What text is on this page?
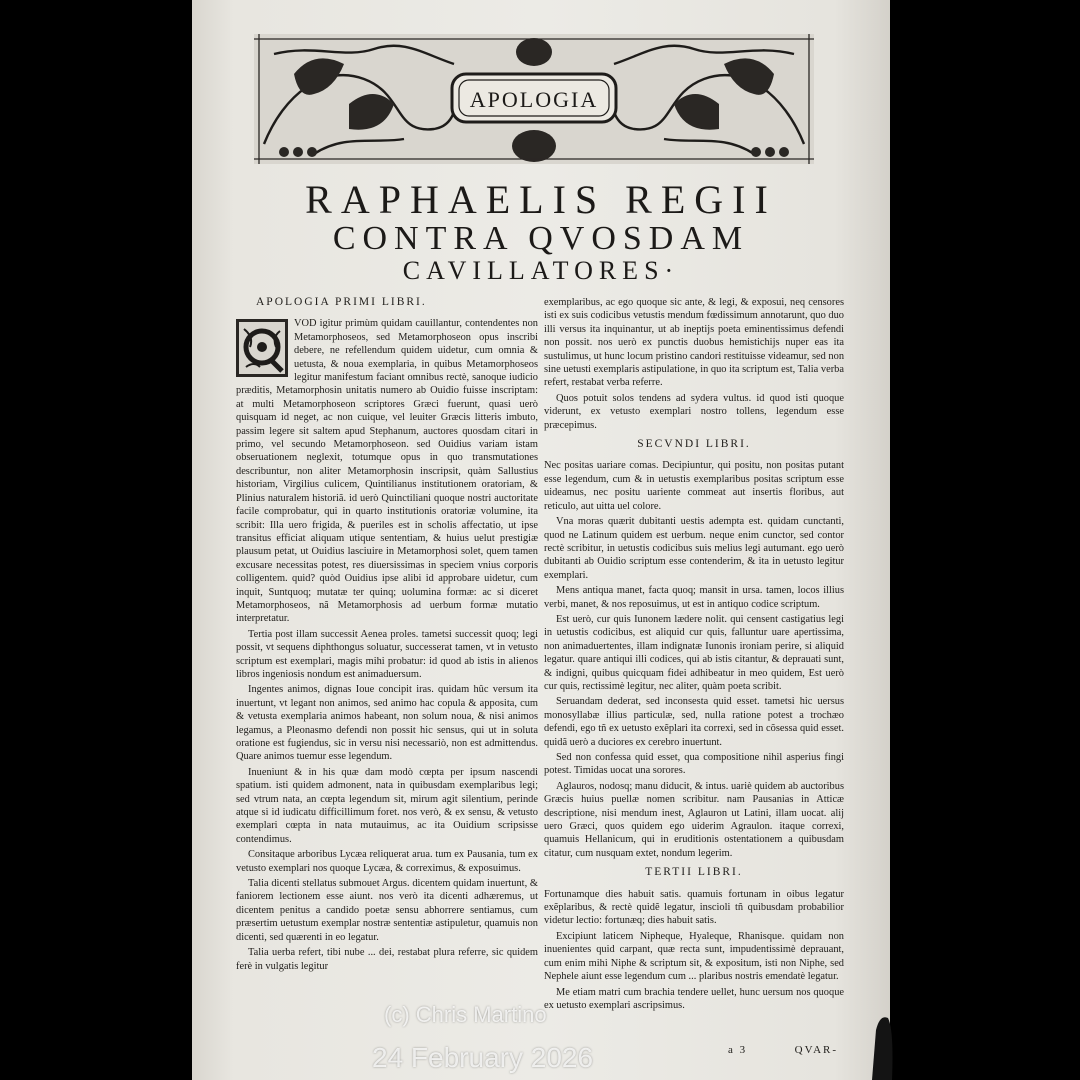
APOLOGIA
RAPHAELIS REGII
CONTRA QVOSDAM
CAVILLATORES·
APOLOGIA PRIMI LIBRI.

VOD igitur primùm quidam cauillantur, contendentes non Metamorphoseos, sed Metamorphoseon opus inscribi debere, ne refellendum quidem uidetur, cum omnia & uetusta, & noua exemplaria, in quibus Metamorphoseos legitur manifestum faciant omnibus rectè, sanoque iudicio præditis, Metamorphosin unitatis numero ab Ouidio fuisse inscriptam: at multi Metamorphoseon scriptores Græci fuerunt, quasi uerò quisquam id neget, ac non cuique, vel leuiter Græcis litteris imbuto, passim legere sit saltem apud Stephanum, auctores quosdam citari in primo, vel secundo Metamorphoseon. sed Ouidius variam istam obseruationem neglexit, totumque opus in quo transmutationes describuntur, non aliter Metamorphosin inscripsit, quàm Sallustius historiam, Virgilius culicem, Quintilianus institutionem oratoriam, & Plinius naturalem historiã. id uerò Quinctiliani quoque nostri auctoritate facile comprobatur, qui in quarto institutionis oratoriæ volumine, ita scribit: Illa uero frigida, & pueriles est in scholis affectatio, ut ipse transitus efficiat aliquam utique sententiam, & huius uelut prestigiæ plausum petat, ut Ouidius lasciuire in Metamorphosi solet, quem tamen excusare necessitas potest, res diuersissimas in speciem vnius corporis colligentem. quid? quòd Ouidius ipse alibi id approbare uidetur, cum inquit, Suntquoq; mutatæ ter quinq; uolumina formæ: ac si diceret Metamorphoseos, nã Metamorphosis ad uerbum formæ mutatio interpretatur.

Tertia post illam successit Aenea proles. tametsi successit quoq; legi possit, vt sequens diphthongus soluatur, successerat tamen, vt in vetusto scriptum est exemplari, magis mihi probatur: id quod ab istis in alienos libros ingeniosis nondum est animaduersum.

Ingentes animos, dignas Ioue concipit iras. quidam hûc versum ita inuertunt, vt legant non animos, sed animo hac copula & apposita, cum & vetusta exemplaria animos habeant, non solum noua, & nisi animos legamus, a Pleonasmo defendi non possit hic sensus, qui ut in soluta oratione est fugiendus, sic in versu nisi necessariò, non est admittendus. Quare animos tuemur esse legendum.

Inueniunt & in his quæ dam modò cœpta per ipsum nascendi spatium. isti quidem admonent, nata in quibusdam exemplaribus legi; sed vtrum nata, an cœpta legendum sit, mirum agit silentium, perinde atque si id iudicatu difficillimum foret. nos verò, & ex sensu, & vetusto exemplari cœpta in nata mutauimus, ac ita Ouidium scripsisse contendimus.

Consitaque arboribus Lycæa reliquerat arua. tum ex Pausania, tum ex vetusto exemplari nos quoque Lycæa, & correximus, & exposuimus.

Talia dicenti stellatus submouet Argus. dicentem quidam inuertunt, & faniorem lectionem esse aiunt. nos verò ita dicenti adhæremus, ut dicentem penitus a candido poetæ sensu abhorrere sentiamus, cum præsertim uetustum exemplar nostræ sententiæ astipuletur, quamuis non dicenti, sed quærenti in eo legatur.

Talia uerba refert, tibi nube ... dei, restabat plura referre, sic quidem ferè in vulgatis legitur

exemplaribus, ac ego quoque sic ante, & legi, & exposui, neq censores isti ex suis codicibus vetustis mendum fœdissimum annotarunt, quo duo illi versus ita inquinantur, ut ab ineptijs poeta eminentissimus defendi non possit. nos uerò ex punctis duobus hemistichijs nuper eas ita sustulimus, ut hunc locum pristino candori restituisse videamur, sed non sine uetusti exemplaris astipulatione, in quo ita scriptum est, Talia verba refert, restabat verba referre.

Quos potuit solos tendens ad sydera vultus. id quod isti quoque viderunt, ex vetusto exemplari nostro tollens, legendum esse præcepimus.

SECVNDI LIBRI.

Nec positas uariare comas. Decipiuntur, qui positu, non positas putant esse legendum, cum & in uetustis exemplaribus positas scriptum esse uideamus, nec positu uariente commeat aut insertis floribus, aut reticulo, aut uitta uel colore.

Vna moras quærit dubitanti uestis adempta est. quidam cunctanti, quod ne Latinum quidem est uerbum. neque enim cunctor, sed contor rectè scribitur, in uetustis codicibus suis melius legi autumant. ego uerò dubitanti ab Ouidio scriptum esse contenderim, & ita in uetusto legitur exemplari.

Mens antiqua manet, facta quoq; mansit in ursa. tamen, locos illius verbi, manet, & nos reposuimus, ut est in antiquo codice scriptum.

Est uerò, cur quis Iunonem lædere nolit. qui censent castigatius legi in uetustis codicibus, est aliquid cur quis, falluntur uare apertissima, non animaduertentes, illam indignatæ Iunonis ironiam perire, si aliquid legatur. quare antiqui illi codices, qui ab istis citantur, & deprauati sunt, & indigni, quibus quicquam fidei adhibeatur in meo quidem, Est uerò cur quis, rectissimè legitur, nec aliter, quàm poeta scribit.

Seruandam dederat, sed inconsesta quid esset. tametsi hic uersus monosyllabæ illius particulæ, sed, nulla ratione potest a trochæo defendi, ego tñ ex uetusto exẽplari ita correxi, sed in cõsessa quid esset. quidã uerò a duciores ex cerebro inuertunt.

Sed non confessa quid esset, qua compositione nihil asperius fingi potest. Timidas uocat una sorores.

Aglauros, nodosq; manu diducit, & intus. uariè quidem ab auctoribus Græcis huius puellæ nomen scribitur. nam Pausanias in Atticæ descriptione, nisi mendum inest, Aglauron ut Latini, illam uocat. alij uero Græci, quos quidem ego uiderim Agraulon. itaque correxi, quamuis Hellanicum, qui in eruditionis ostentationem a quibusdam citatur, cum nusquam extet, nondum legerim.

TERTII LIBRI.

Fortunamque dies habuit satis. quamuis fortunam in oibus legatur exẽplaribus, & rectè quidẽ legatur, inscioli tñ quibusdam probabilior videtur lectio: fortunæq; dies habuit satis.

Excipiunt laticem Nipheque, Hyaleque, Rhanisque. quidam non inuenientes quid carpant, quæ recta sunt, impudentissimè deprauant, cum enim mihi Niphe & scriptum sit, & expositum, isti non Niphe, sed Nephele aiunt esse legendum cum ... plaribus nostris emendatè legatur.

Me etiam matri cum brachia tendere uellet, hunc uersum nos quoque ex uetusto exemplari ascripsimus.

a 3	QVAR-
(c) Chris Martino
24 February 2026
